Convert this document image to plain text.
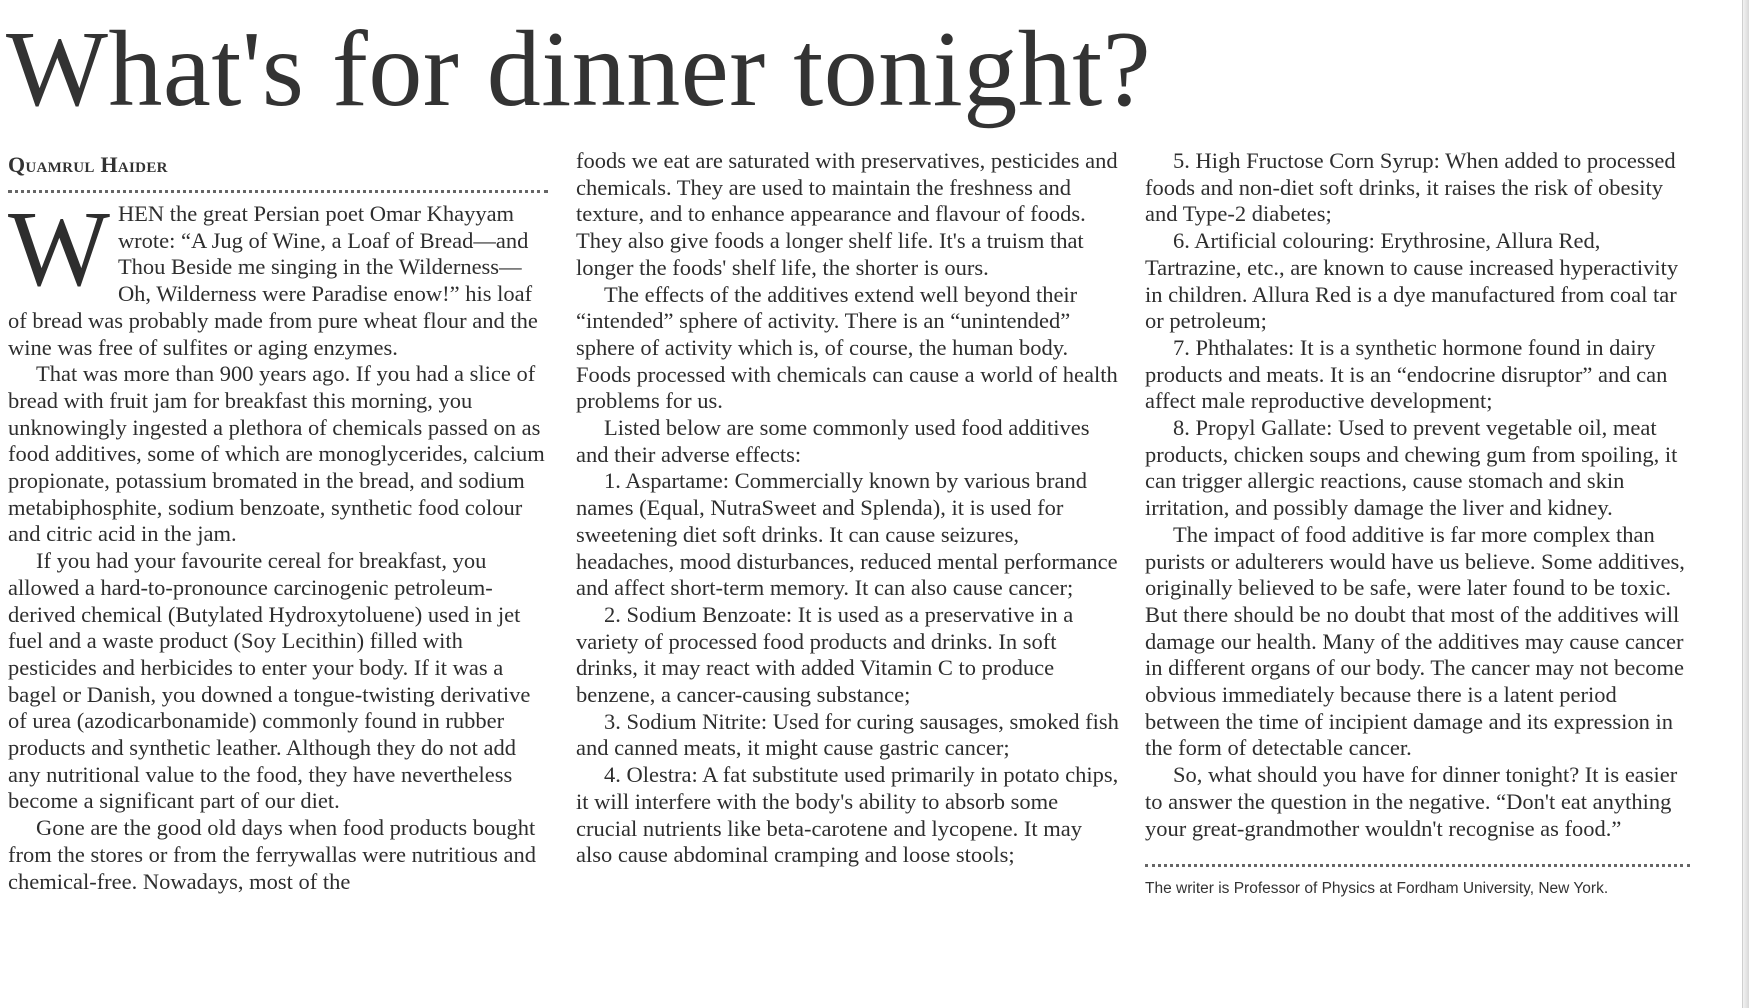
What's for dinner tonight?
Quamrul Haider

WHEN the great Persian poet Omar Khayyam wrote: “A Jug of Wine, a Loaf of Bread—and Thou Beside me singing in the Wilderness—Oh, Wilderness were Paradise enow!” his loaf of bread was probably made from pure wheat flour and the wine was free of sulfites or aging enzymes.

That was more than 900 years ago. If you had a slice of bread with fruit jam for breakfast this morning, you unknowingly ingested a plethora of chemicals passed on as food additives, some of which are monoglycerides, calcium propionate, potassium bromated in the bread, and sodium metabiphosphite, sodium benzoate, synthetic food colour and citric acid in the jam.

If you had your favourite cereal for breakfast, you allowed a hard-to-pronounce carcinogenic petroleum-derived chemical (Butylated Hydroxytoluene) used in jet fuel and a waste product (Soy Lecithin) filled with pesticides and herbicides to enter your body. If it was a bagel or Danish, you downed a tongue-twisting derivative of urea (azodicarbonamide) commonly found in rubber products and synthetic leather. Although they do not add any nutritional value to the food, they have nevertheless become a significant part of our diet.

Gone are the good old days when food products bought from the stores or from the ferrywallas were nutritious and chemical-free. Nowadays, most of the

foods we eat are saturated with preservatives, pesticides and chemicals. They are used to maintain the freshness and texture, and to enhance appearance and flavour of foods. They also give foods a longer shelf life. It's a truism that longer the foods' shelf life, the shorter is ours.

The effects of the additives extend well beyond their “intended” sphere of activity. There is an “unintended” sphere of activity which is, of course, the human body. Foods processed with chemicals can cause a world of health problems for us.

Listed below are some commonly used food additives and their adverse effects:

1. Aspartame: Commercially known by various brand names (Equal, NutraSweet and Splenda), it is used for sweetening diet soft drinks. It can cause seizures, headaches, mood disturbances, reduced mental performance and affect short-term memory. It can also cause cancer;

2. Sodium Benzoate: It is used as a preservative in a variety of processed food products and drinks. In soft drinks, it may react with added Vitamin C to produce benzene, a cancer-causing substance;

3. Sodium Nitrite: Used for curing sausages, smoked fish and canned meats, it might cause gastric cancer;

4. Olestra: A fat substitute used primarily in potato chips, it will interfere with the body's ability to absorb some crucial nutrients like beta-carotene and lycopene. It may also cause abdominal cramping and loose stools;

5. High Fructose Corn Syrup: When added to processed foods and non-diet soft drinks, it raises the risk of obesity and Type-2 diabetes;

6. Artificial colouring: Erythrosine, Allura Red, Tartrazine, etc., are known to cause increased hyperactivity in children. Allura Red is a dye manufactured from coal tar or petroleum;

7. Phthalates: It is a synthetic hormone found in dairy products and meats. It is an “endocrine disruptor” and can affect male reproductive development;

8. Propyl Gallate: Used to prevent vegetable oil, meat products, chicken soups and chewing gum from spoiling, it can trigger allergic reactions, cause stomach and skin irritation, and possibly damage the liver and kidney.

The impact of food additive is far more complex than purists or adulterers would have us believe. Some additives, originally believed to be safe, were later found to be toxic. But there should be no doubt that most of the additives will damage our health. Many of the additives may cause cancer in different organs of our body. The cancer may not become obvious immediately because there is a latent period between the time of incipient damage and its expression in the form of detectable cancer.

So, what should you have for dinner tonight? It is easier to answer the question in the negative. “Don't eat anything your great-grandmother wouldn't recognise as food.”

The writer is Professor of Physics at Fordham University, New York.
